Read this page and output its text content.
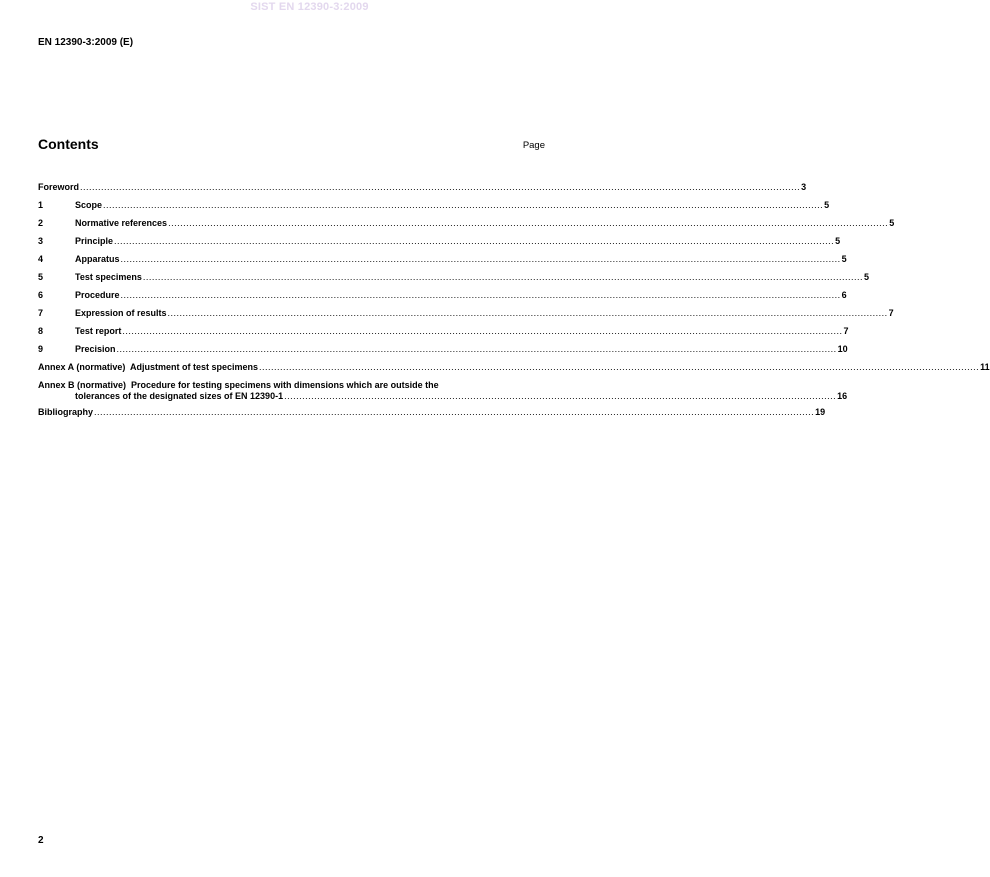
SIST EN 12390-3:2009
EN 12390-3:2009 (E)
Contents	Page
Foreword .....	3
1	Scope .....	5
2	Normative references .....	5
3	Principle .....	5
4	Apparatus .....	5
5	Test specimens .....	5
6	Procedure .....	6
7	Expression of results .....	7
8	Test report .....	7
9	Precision .....	10
Annex A (normative)  Adjustment of test specimens .....	11
Annex B (normative)  Procedure for testing specimens with dimensions which are outside the
tolerances of the designated sizes of EN 12390-1 ........................................................................................................................................................................................ 16
Bibliography .....	19
2
